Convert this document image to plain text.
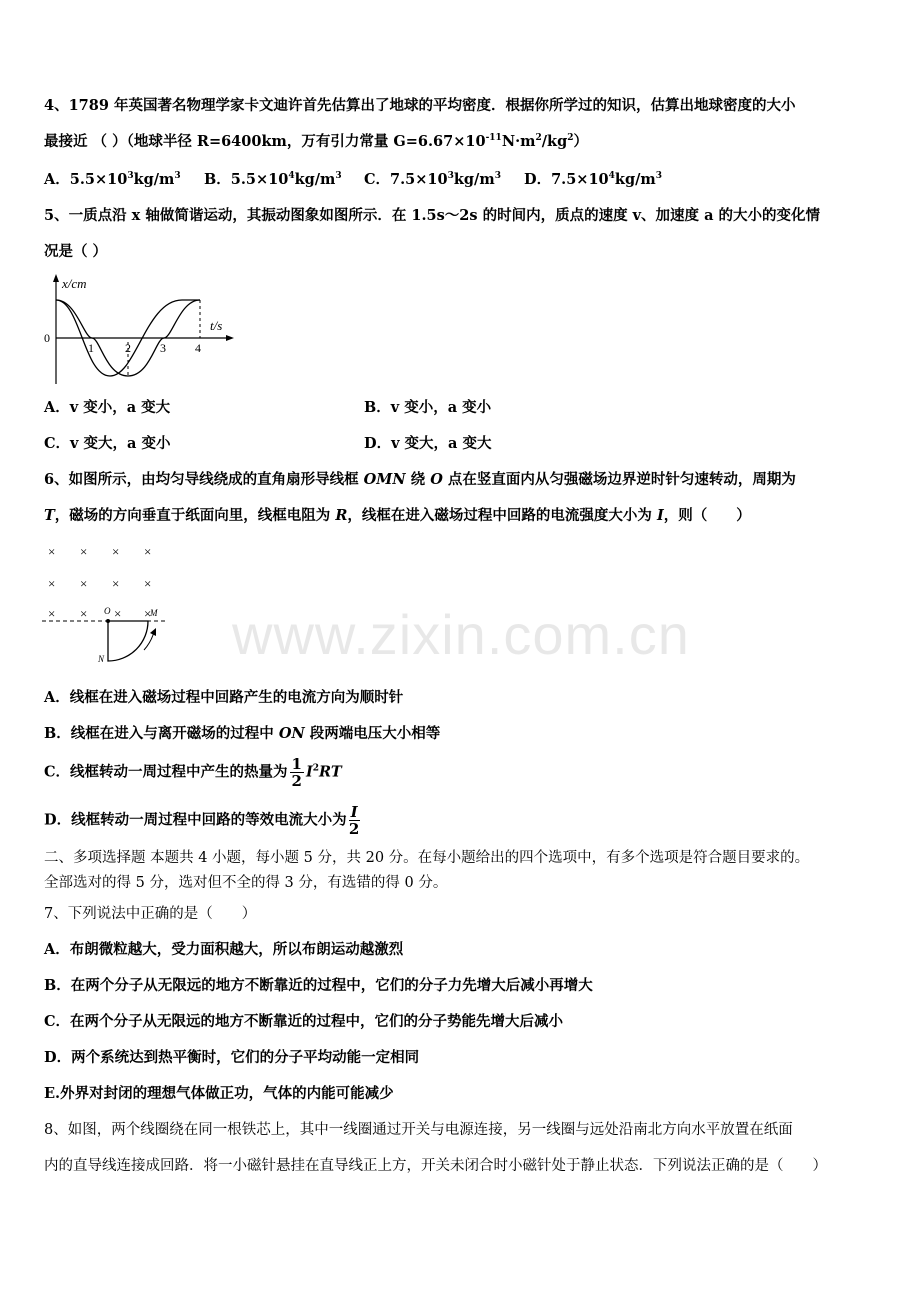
4、1789 年英国著名物理学家卡文迪许首先估算出了地球的平均密度．根据你所学过的知识，估算出地球密度的大小
最接近 （ ）（地球半径 R=6400km，万有引力常量 $G=6.67\times 10^{-11}N\cdot m^2/kg^2$）
A．$5.5\times 10^3kg/m^3$ B．$5.5\times 10^4kg/m^3$ C．$7.5\times 10^3kg/m^3$ D．$7.5\times 10^4kg/m^3$
5、一质点沿 x 轴做简谐运动，其振动图象如图所示．在 1.5s～2s 的时间内，质点的速度 v、加速度 a 的大小的变化情
况是（ ）
x/cm
t/s
0
1	2 3 4
A．v 变小，a 变大	B．v 变小，a 变小
C．v 变大，a 变小	D．v 变大，a 变大
6、如图所示，由均匀导线绕成的直角扇形导线框 OMN 绕 O 点在竖直面内从匀强磁场边界逆时针匀速转动，周期为
T，磁场的方向垂直于纸面向里，线框电阻为 R，线框在进入磁场过程中回路的电流强度大小为 I，则（　　）
× × × ×
× × × ×
× × × ×
O	M
N
A．线框在进入磁场过程中回路产生的电流方向为顺时针
B．线框在进入与离开磁场的过程中 ON 段两端电压大小相等
C．线框转动一周过程中产生的热量为 $\frac{1}{2} I^2RT$
D．线框转动一周过程中回路的等效电流大小为 $\frac{I}{2}$
二、多项选择题 本题共 4 小题，每小题 5 分，共 20 分。在每小题给出的四个选项中，有多个选项是符合题目要求的。
全部选对的得 5 分，选对但不全的得 3 分，有选错的得 0 分。
7、下列说法中正确的是（　　）
A．布朗微粒越大，受力面积越大，所以布朗运动越激烈
B．在两个分子从无限远的地方不断靠近的过程中，它们的分子力先增大后减小再增大
C．在两个分子从无限远的地方不断靠近的过程中，它们的分子势能先增大后减小
D．两个系统达到热平衡时，它们的分子平均动能一定相同
E.外界对封闭的理想气体做正功，气体的内能可能减少
8、如图，两个线圈绕在同一根铁芯上，其中一线圈通过开关与电源连接，另一线圈与远处沿南北方向水平放置在纸面
内的直导线连接成回路．将一小磁针悬挂在直导线正上方，开关未闭合时小磁针处于静止状态．下列说法正确的是（　　）
www.zixin.com.cn
